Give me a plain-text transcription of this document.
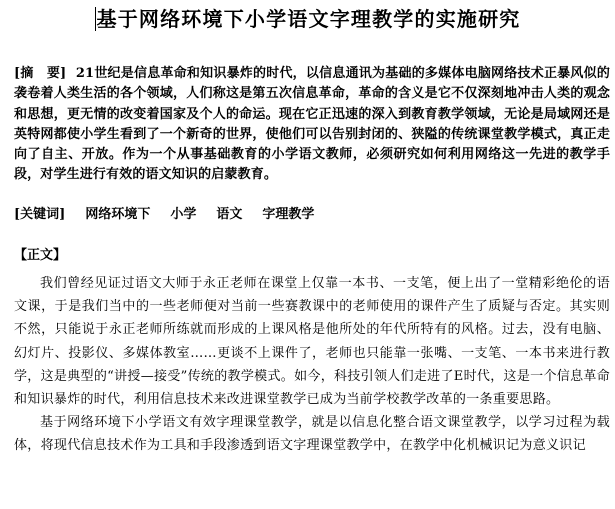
基于网络环境下小学语文字理教学的实施研究

[摘　要] 21世纪是信息革命和知识暴炸的时代，以信息通讯为基础的多媒体电脑网络技术正暴风似的袭卷着人类生活的各个领域，人们称这是第五次信息革命，革命的含义是它不仅深刻地冲击人类的观念和思想，更无情的改变着国家及个人的命运。现在它正迅速的深入到教育教学领域，无论是局域网还是英特网都使小学生看到了一个新奇的世界，使他们可以告别封闭的、狭隘的传统课堂教学模式，真正走向了自主、开放。作为一个从事基础教育的小学语文教师，必须研究如何利用网络这一先进的教学手段，对学生进行有效的语文知识的启蒙教育。

[关键词] 网络环境下 小学 语文 字理教学
【正文】

我们曾经见证过语文大师于永正老师在课堂上仅靠一本书、一支笔，便上出了一堂精彩绝伦的语文课，于是我们当中的一些老师便对当前一些赛教课中的老师使用的课件产生了质疑与否定。其实则不然，只能说于永正老师所练就而形成的上课风格是他所处的年代所特有的风格。过去，没有电脑、幻灯片、投影仪、多媒体教室……更谈不上课件了，老师也只能靠一张嘴、一支笔、一本书来进行教学，这是典型的“讲授—接受”传统的教学模式。如今，科技引领人们走进了E时代，这是一个信息革命和知识暴炸的时代，利用信息技术来改进课堂教学已成为当前学校教学改革的一条重要思路。

基于网络环境下小学语文有效字理课堂教学，就是以信息化整合语文课堂教学，以学习过程为载体，将现代信息技术作为工具和手段渗透到语文字理课堂教学中，在教学中化机械识记为意义识记
